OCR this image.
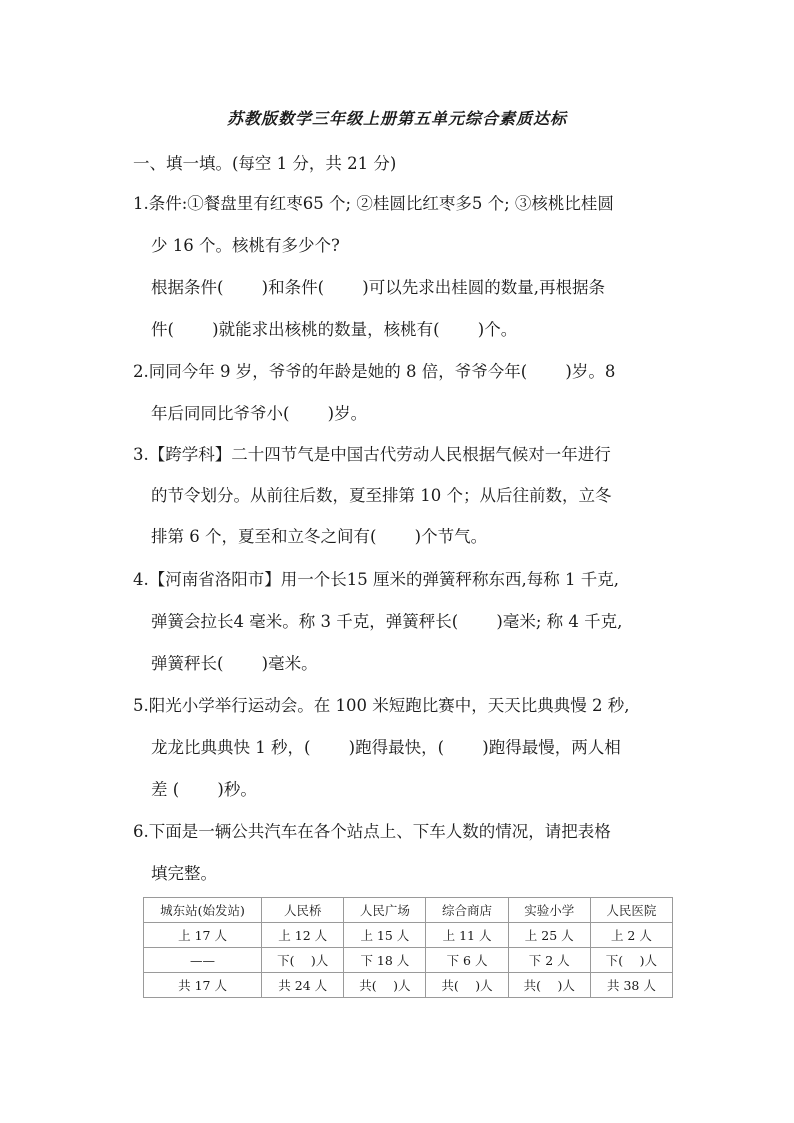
苏教版数学三年级上册第五单元综合素质达标
一、填一填。(每空 1 分，共 21 分)
1.条件:①餐盘里有红枣65 个; ②桂圆比红枣多5 个; ③核桃比桂圆
少 16 个。核桃有多少个?
根据条件(　　 )和条件(　　 )可以先求出桂圆的数量,再根据条
件(　　 )就能求出核桃的数量，核桃有(　　 )个。
2.同同今年 9 岁，爷爷的年龄是她的 8 倍，爷爷今年(　　 )岁。8
年后同同比爷爷小(　　 )岁。
3.【跨学科】二十四节气是中国古代劳动人民根据气候对一年进行
的节令划分。从前往后数，夏至排第 10 个；从后往前数，立冬
排第 6 个，夏至和立冬之间有(　　 )个节气。
4.【河南省洛阳市】用一个长15 厘米的弹簧秤称东西,每称 1 千克,
弹簧会拉长4 毫米。称 3 千克，弹簧秤长(　　 )毫米; 称 4 千克,
弹簧秤长(　　 )毫米。
5.阳光小学举行运动会。在 100 米短跑比赛中，天天比典典慢 2 秒,
龙龙比典典快 1 秒，(　　 )跑得最快，(　　 )跑得最慢，两人相
差 (　　 )秒。
6.下面是一辆公共汽车在各个站点上、下车人数的情况，请把表格
填完整。
城东站(始发站)	人民桥	人民广场	综合商店	实验小学	人民医院
上 17 人	上 12 人	上 15 人	上 11 人	上 25 人	上 2 人
——	下(　 )人	下 18 人	下 6 人	下 2 人	下(　 )人
共 17 人	共 24 人	共(　 )人	共(　 )人	共(　 )人	共 38 人
